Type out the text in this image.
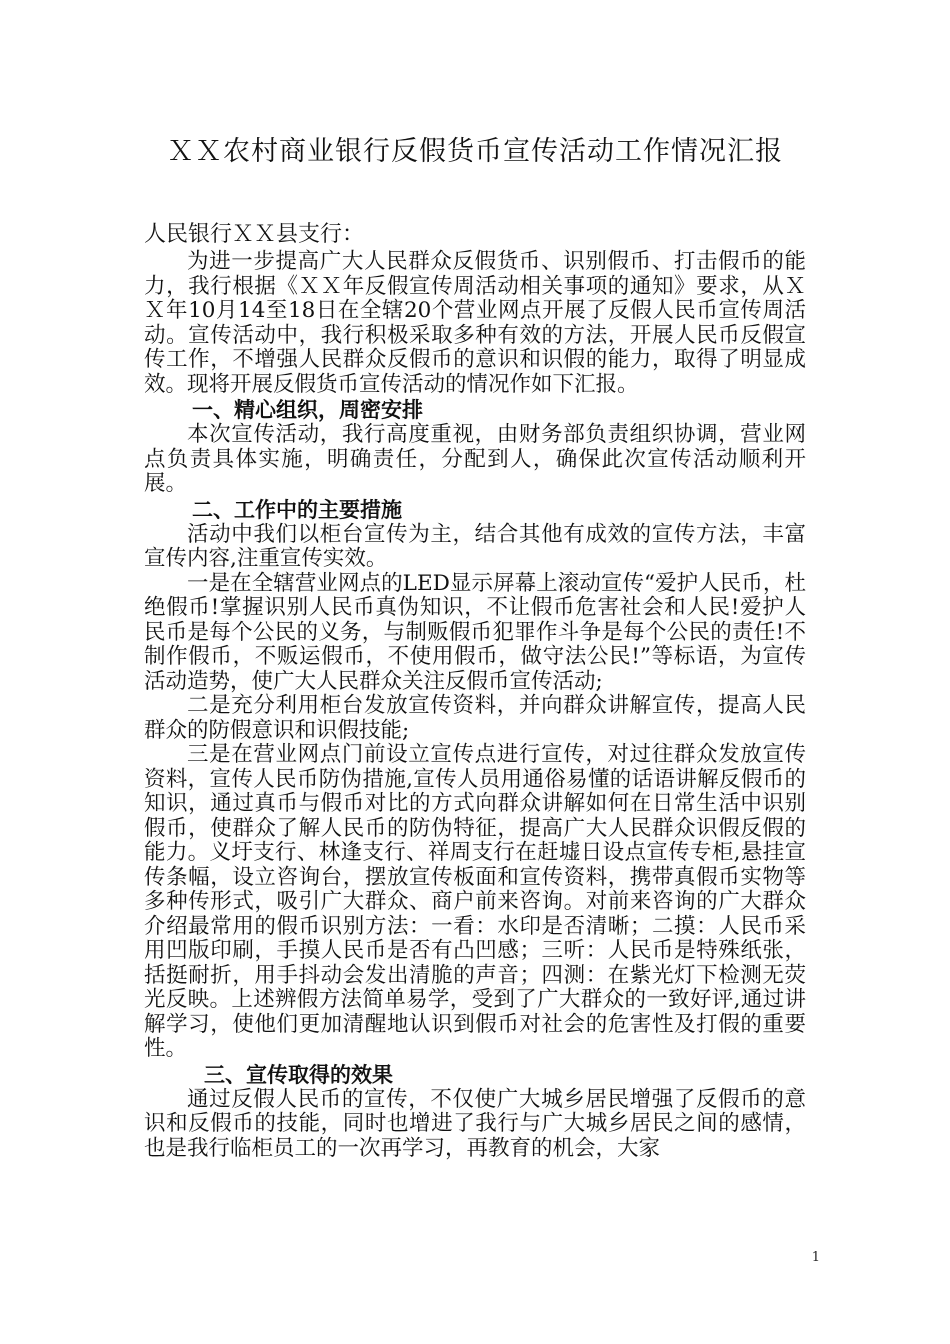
ＸＸ农村商业银行反假货币宣传活动工作情况汇报

人民银行ＸＸ县支行：

为进一步提高广大人民群众反假货币、识别假币、打击假币的能力，我行根据《ＸＸ年反假宣传周活动相关事项的通知》要求，从ＸＸ年10月14至18日在全辖20个营业网点开展了反假人民币宣传周活动。宣传活动中，我行积极采取多种有效的方法，开展人民币反假宣传工作，不增强人民群众反假币的意识和识假的能力，取得了明显成效。现将开展反假货币宣传活动的情况作如下汇报。

一、精心组织，周密安排

本次宣传活动，我行高度重视，由财务部负责组织协调，营业网点负责具体实施，明确责任，分配到人，确保此次宣传活动顺利开展。

二、工作中的主要措施

活动中我们以柜台宣传为主，结合其他有成效的宣传方法，丰富宣传内容,注重宣传实效。

一是在全辖营业网点的LED显示屏幕上滚动宣传“爱护人民币，杜绝假币!掌握识别人民币真伪知识，不让假币危害社会和人民!爱护人民币是每个公民的义务，与制贩假币犯罪作斗争是每个公民的责任!不制作假币，不贩运假币，不使用假币，做守法公民!”等标语，为宣传活动造势，使广大人民群众关注反假币宣传活动;

二是充分利用柜台发放宣传资料，并向群众讲解宣传，提高人民群众的防假意识和识假技能;

三是在营业网点门前设立宣传点进行宣传，对过往群众发放宣传资料，宣传人民币防伪措施,宣传人员用通俗易懂的话语讲解反假币的知识，通过真币与假币对比的方式向群众讲解如何在日常生活中识别假币，使群众了解人民币的防伪特征，提高广大人民群众识假反假的能力。义圩支行、林逢支行、祥周支行在赶墟日设点宣传专柜,悬挂宣传条幅，设立咨询台，摆放宣传板面和宣传资料，携带真假币实物等多种传形式，吸引广大群众、商户前来咨询。对前来咨询的广大群众介绍最常用的假币识别方法：一看：水印是否清晰；二摸：人民币采用凹版印刷，手摸人民币是否有凸凹感；三听：人民币是特殊纸张，括挺耐折，用手抖动会发出清脆的声音；四测：在紫光灯下检测无荧光反映。上述辨假方法简单易学，受到了广大群众的一致好评,通过讲解学习，使他们更加清醒地认识到假币对社会的危害性及打假的重要性。

三、宣传取得的效果

通过反假人民币的宣传，不仅使广大城乡居民增强了反假币的意识和反假币的技能，同时也增进了我行与广大城乡居民之间的感情，也是我行临柜员工的一次再学习，再教育的机会，大家

1
